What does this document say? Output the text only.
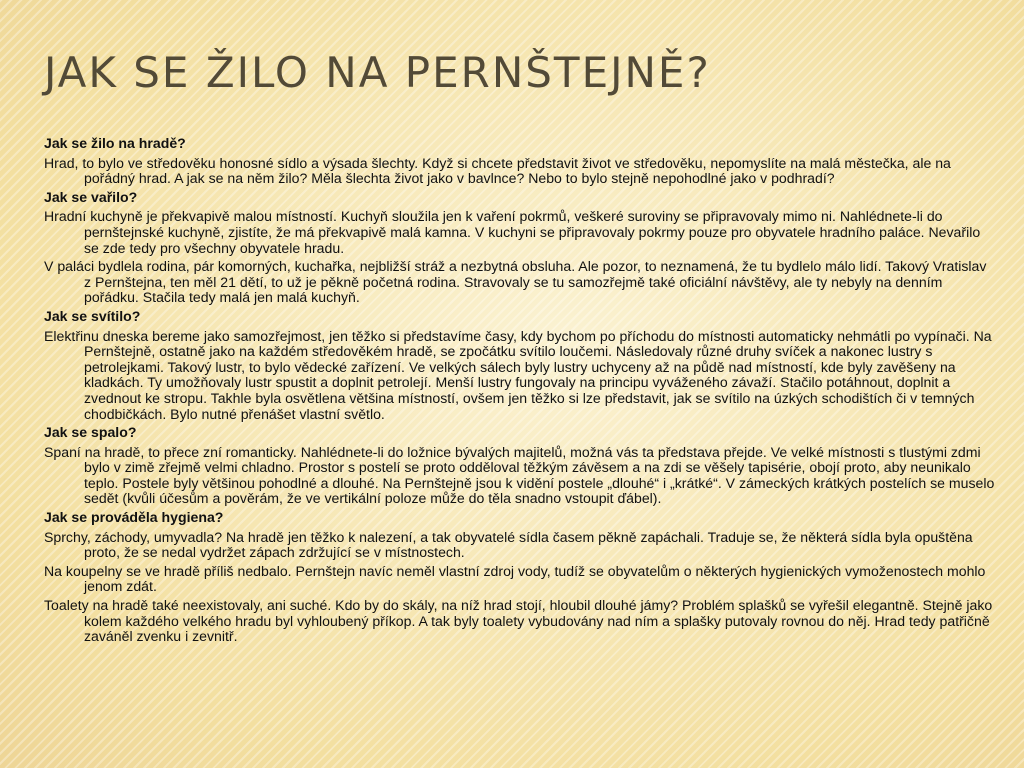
JAK SE ŽILO NA PERNŠTEJNĚ?

Jak se žilo na hradě?

Hrad, to bylo ve středověku honosné sídlo a výsada šlechty. Když si chcete představit život ve středověku, nepomyslíte na malá městečka, ale na pořádný hrad. A jak se na něm žilo? Měla šlechta život jako v bavlnce? Nebo to bylo stejně nepohodlné jako v podhradí?

Jak se vařilo?

Hradní kuchyně je překvapivě malou místností. Kuchyň sloužila jen k vaření pokrmů, veškeré suroviny se připravovaly mimo ni. Nahlédnete-li do pernštejnské kuchyně, zjistíte, že má překvapivě malá kamna. V kuchyni se připravovaly pokrmy pouze pro obyvatele hradního paláce. Nevařilo se zde tedy pro všechny obyvatele hradu.

V paláci bydlela rodina, pár komorných, kuchařka, nejbližší stráž a nezbytná obsluha. Ale pozor, to neznamená, že tu bydlelo málo lidí. Takový Vratislav z Pernštejna, ten měl 21 dětí, to už je pěkně početná rodina. Stravovaly se tu samozřejmě také oficiální návštěvy, ale ty nebyly na denním pořádku. Stačila tedy malá jen malá kuchyň.

Jak se svítilo?

Elektřinu dneska bereme jako samozřejmost, jen těžko si představíme časy, kdy bychom po příchodu do místnosti automaticky nehmátli po vypínači. Na Pernštejně, ostatně jako na každém středověkém hradě, se zpočátku svítilo loučemi. Následovaly různé druhy svíček a nakonec lustry s petrolejkami. Takový lustr, to bylo vědecké zařízení. Ve velkých sálech byly lustry uchyceny až na půdě nad místností, kde byly zavěšeny na kladkách. Ty umožňovaly lustr spustit a doplnit petrolejí. Menší lustry fungovaly na principu vyváženého závaží. Stačilo potáhnout, doplnit a zvednout ke stropu. Takhle byla osvětlena většina místností, ovšem jen těžko si lze představit, jak se svítilo na úzkých schodištích či v temných chodbičkách. Bylo nutné přenášet vlastní světlo.

Jak se spalo?

Spaní na hradě, to přece zní romanticky. Nahlédnete-li do ložnice bývalých majitelů, možná vás ta představa přejde. Ve velké místnosti s tlustými zdmi bylo v zimě zřejmě velmi chladno. Prostor s postelí se proto odděloval těžkým závěsem a na zdi se věšely tapisérie, obojí proto, aby neunikalo teplo. Postele byly většinou pohodlné a dlouhé. Na Pernštejně jsou k vidění postele „dlouhé“ i „krátké“. V zámeckých krátkých postelích se muselo sedět (kvůli účesům a pověrám, že ve vertikální poloze může do těla snadno vstoupit ďábel).

Jak se prováděla hygiena?

Sprchy, záchody, umyvadla? Na hradě jen těžko k nalezení, a tak obyvatelé sídla časem pěkně zapáchali. Traduje se, že některá sídla byla opuštěna proto, že se nedal vydržet zápach zdržující se v místnostech.

Na koupelny se ve hradě příliš nedbalo. Pernštejn navíc neměl vlastní zdroj vody, tudíž se obyvatelům o některých hygienických vymoženostech mohlo jenom zdát.

Toalety na hradě také neexistovaly, ani suché. Kdo by do skály, na níž hrad stojí, hloubil dlouhé jámy? Problém splašků se vyřešil elegantně. Stejně jako kolem každého velkého hradu byl vyhloubený příkop. A tak byly toalety vybudovány nad ním a splašky putovaly rovnou do něj. Hrad tedy patřičně zaváněl zvenku i zevnitř.
